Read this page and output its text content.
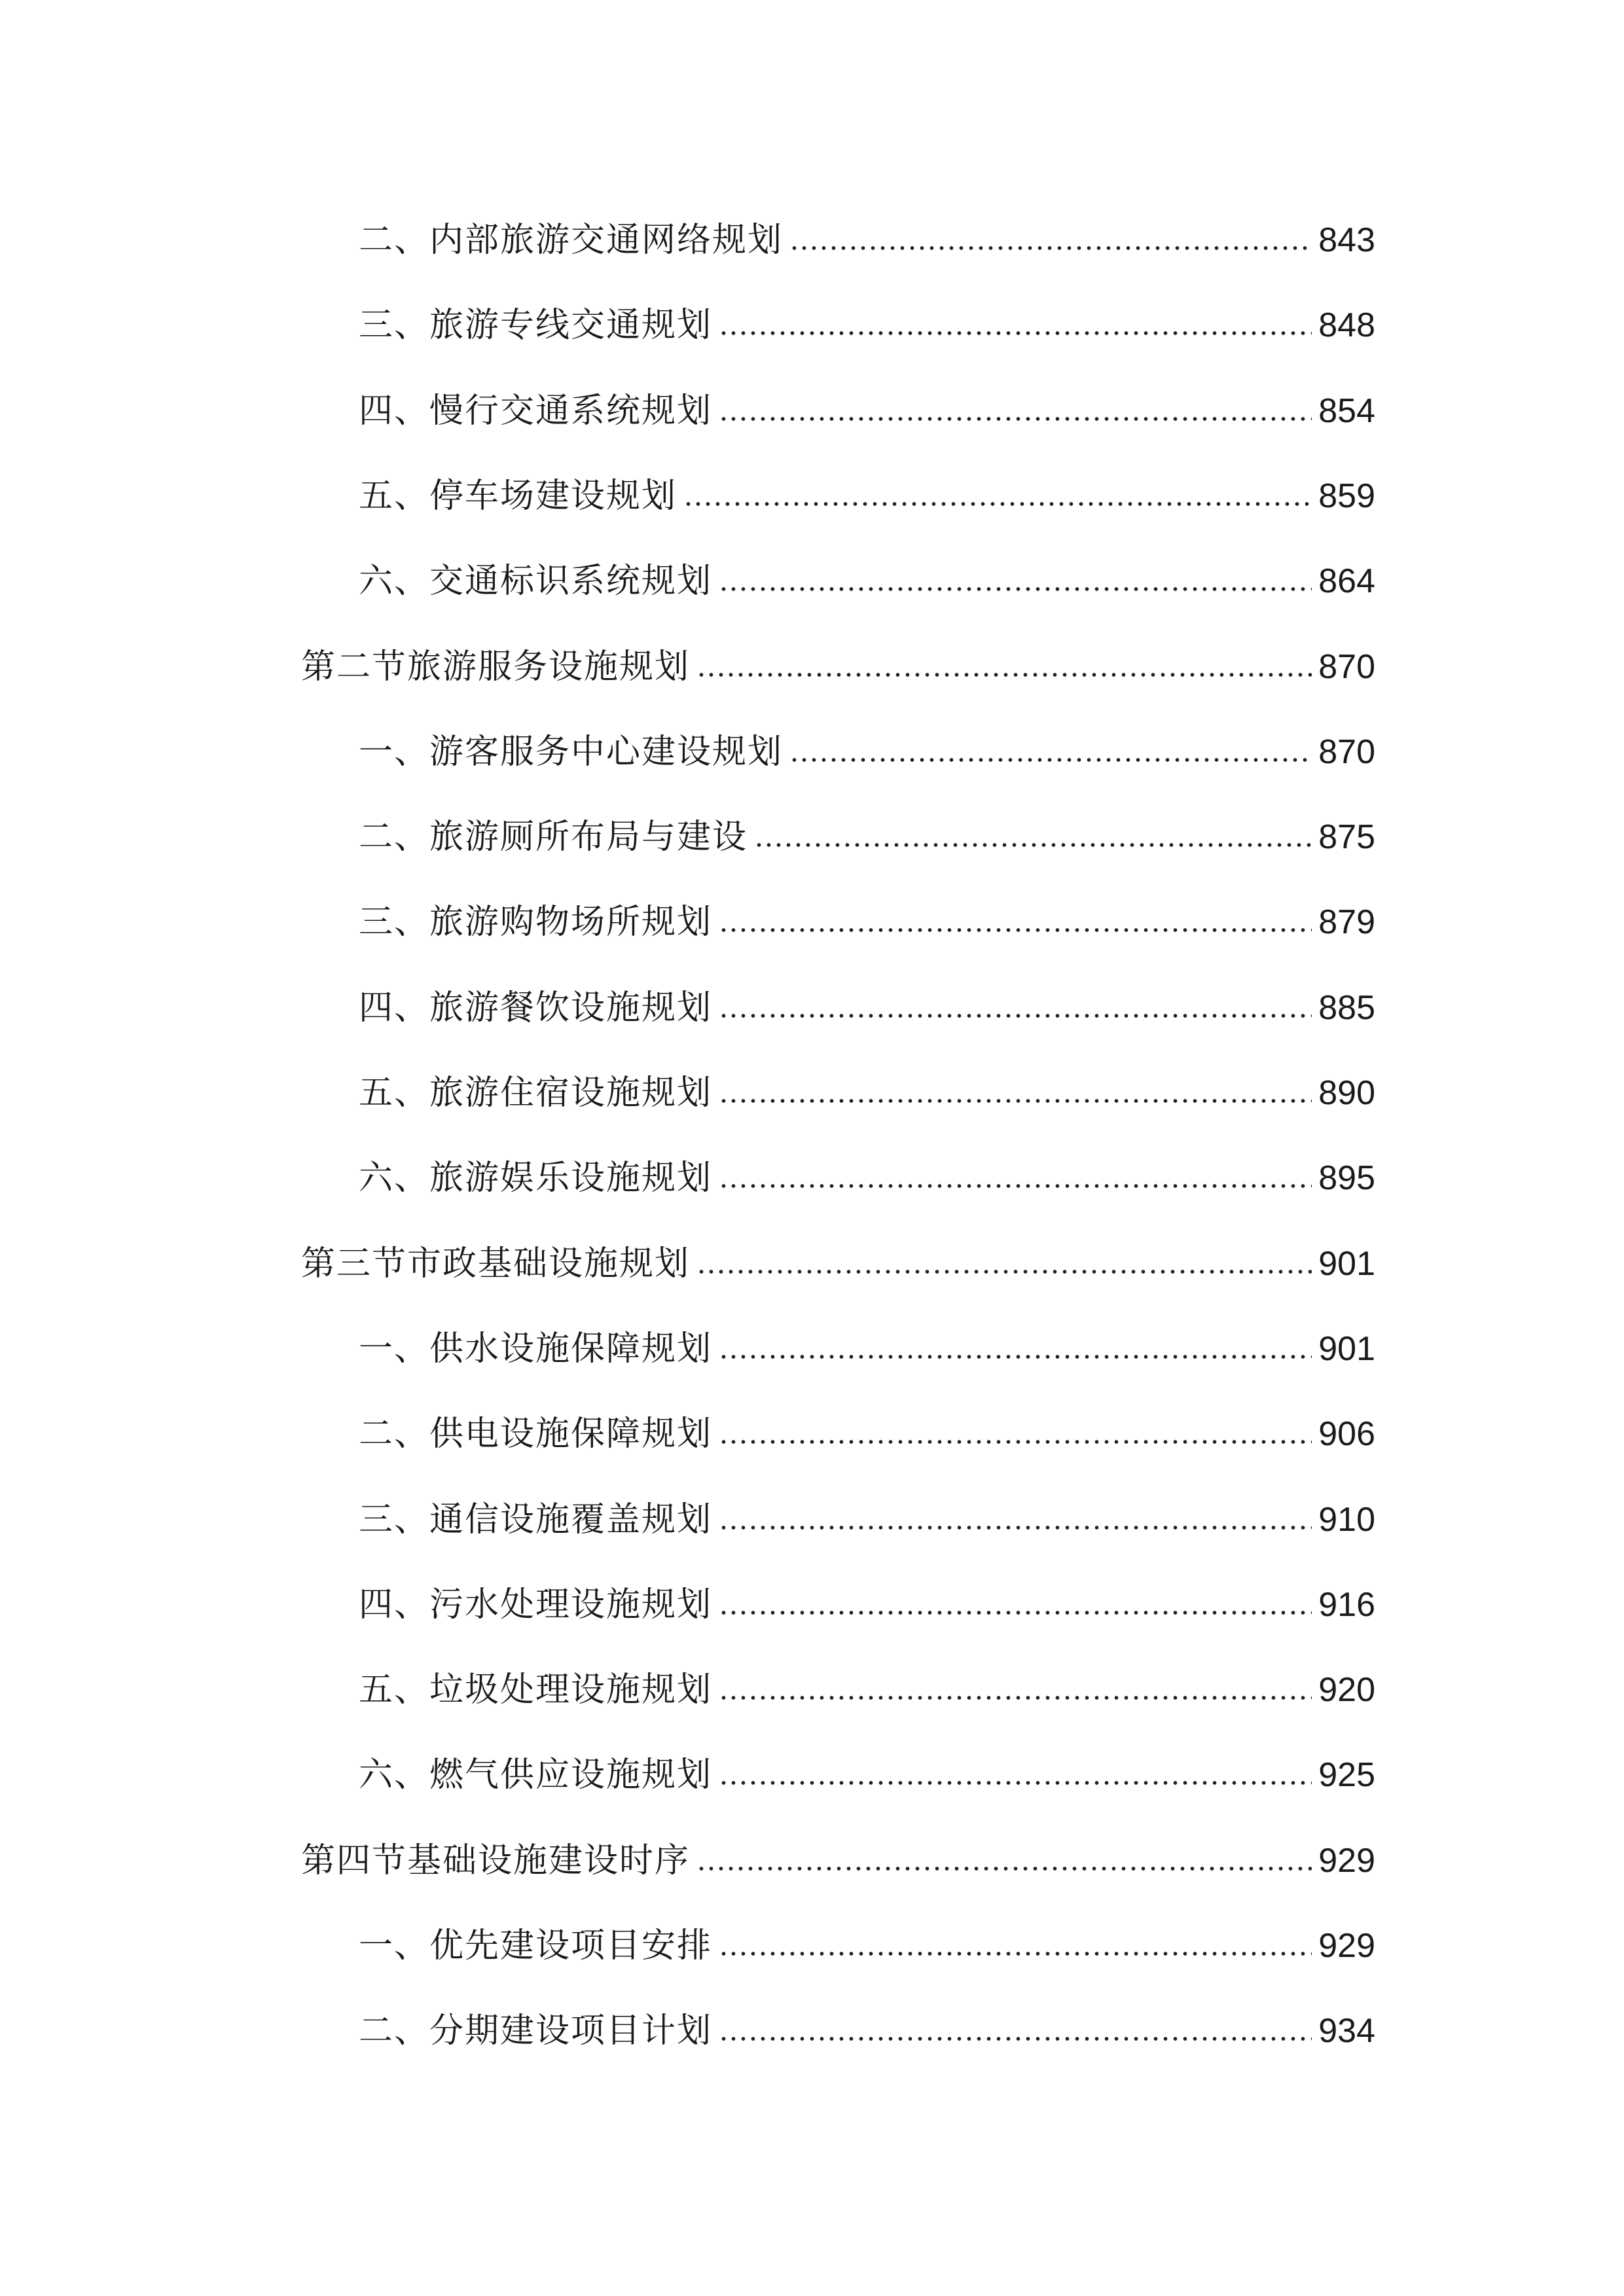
二、内部旅游交通网络规划	843
三、旅游专线交通规划	848
四、慢行交通系统规划	854
五、停车场建设规划	859
六、交通标识系统规划	864
第二节旅游服务设施规划	870
一、游客服务中心建设规划	870
二、旅游厕所布局与建设	875
三、旅游购物场所规划	879
四、旅游餐饮设施规划	885
五、旅游住宿设施规划	890
六、旅游娱乐设施规划	895
第三节市政基础设施规划	901
一、供水设施保障规划	901
二、供电设施保障规划	906
三、通信设施覆盖规划	910
四、污水处理设施规划	916
五、垃圾处理设施规划	920
六、燃气供应设施规划	925
第四节基础设施建设时序	929
一、优先建设项目安排	929
二、分期建设项目计划	934
